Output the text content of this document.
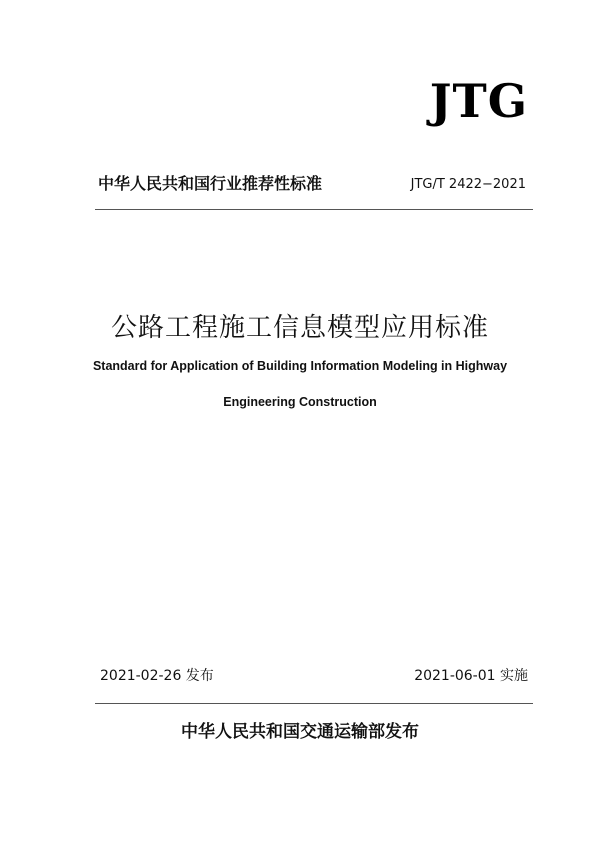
JTG
中华人民共和国行业推荐性标准	JTG/T 2422−2021
公路工程施工信息模型应用标准
Standard for Application of Building Information Modeling in Highway
Engineering Construction
2021-02-26 发布	2021-06-01 实施
中华人民共和国交通运输部发布
